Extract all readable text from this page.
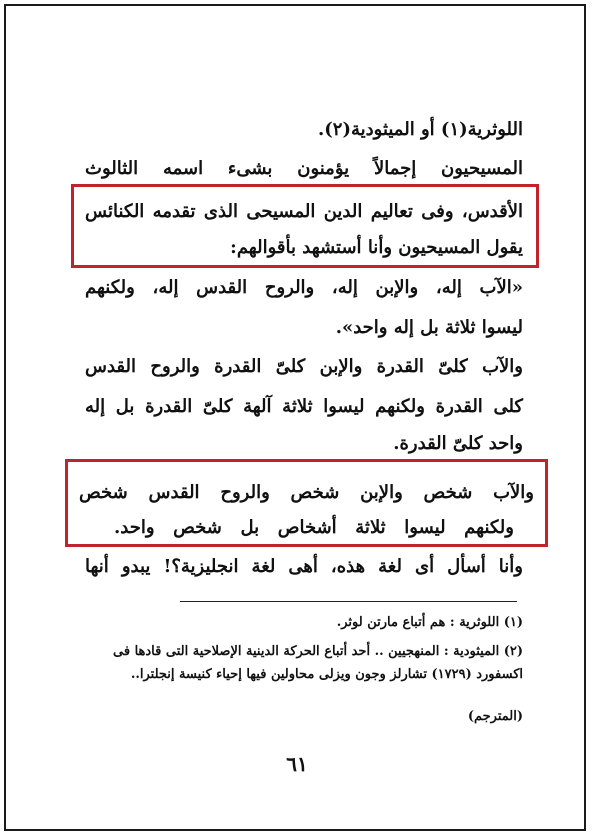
اللوثرية(١) أو الميثودية(٢).
المسيحيون إجمالاً يؤمنون بشىء اسمه الثالوث
الأقدس، وفى تعاليم الدين المسيحى الذى تقدمه الكنائس
يقول المسيحيون وأنا أستشهد بأقوالهم:
«الآب إله، والإبن إله، والروح القدس إله، ولكنهم
ليسوا ثلاثة بل إله واحد».
والآب كلىّ القدرة والإبن كلىّ القدرة والروح القدس
كلى القدرة ولكنهم ليسوا ثلاثة آلهة كلىّ القدرة بل إله
واحد كلىّ القدرة.
والآب شخص والإبن شخص والروح القدس شخص
ولكنهم ليسوا ثلاثة أشخاص بل شخص واحد.
وأنا أسأل أى لغة هذه، أهى لغة انجليزية؟! يبدو أنها
(١) اللوثرية : هم أتباع مارتن لوثر.
(٢) الميثودية : المنهجيين .. أحد أتباع الحركة الدينية الإصلاحية التى قادها فى
اكسفورد (١٧٢٩) تشارلز وجون ويزلى محاولين فيها إحياء كنيسة إنجلترا..
(المترجم)
٦١
